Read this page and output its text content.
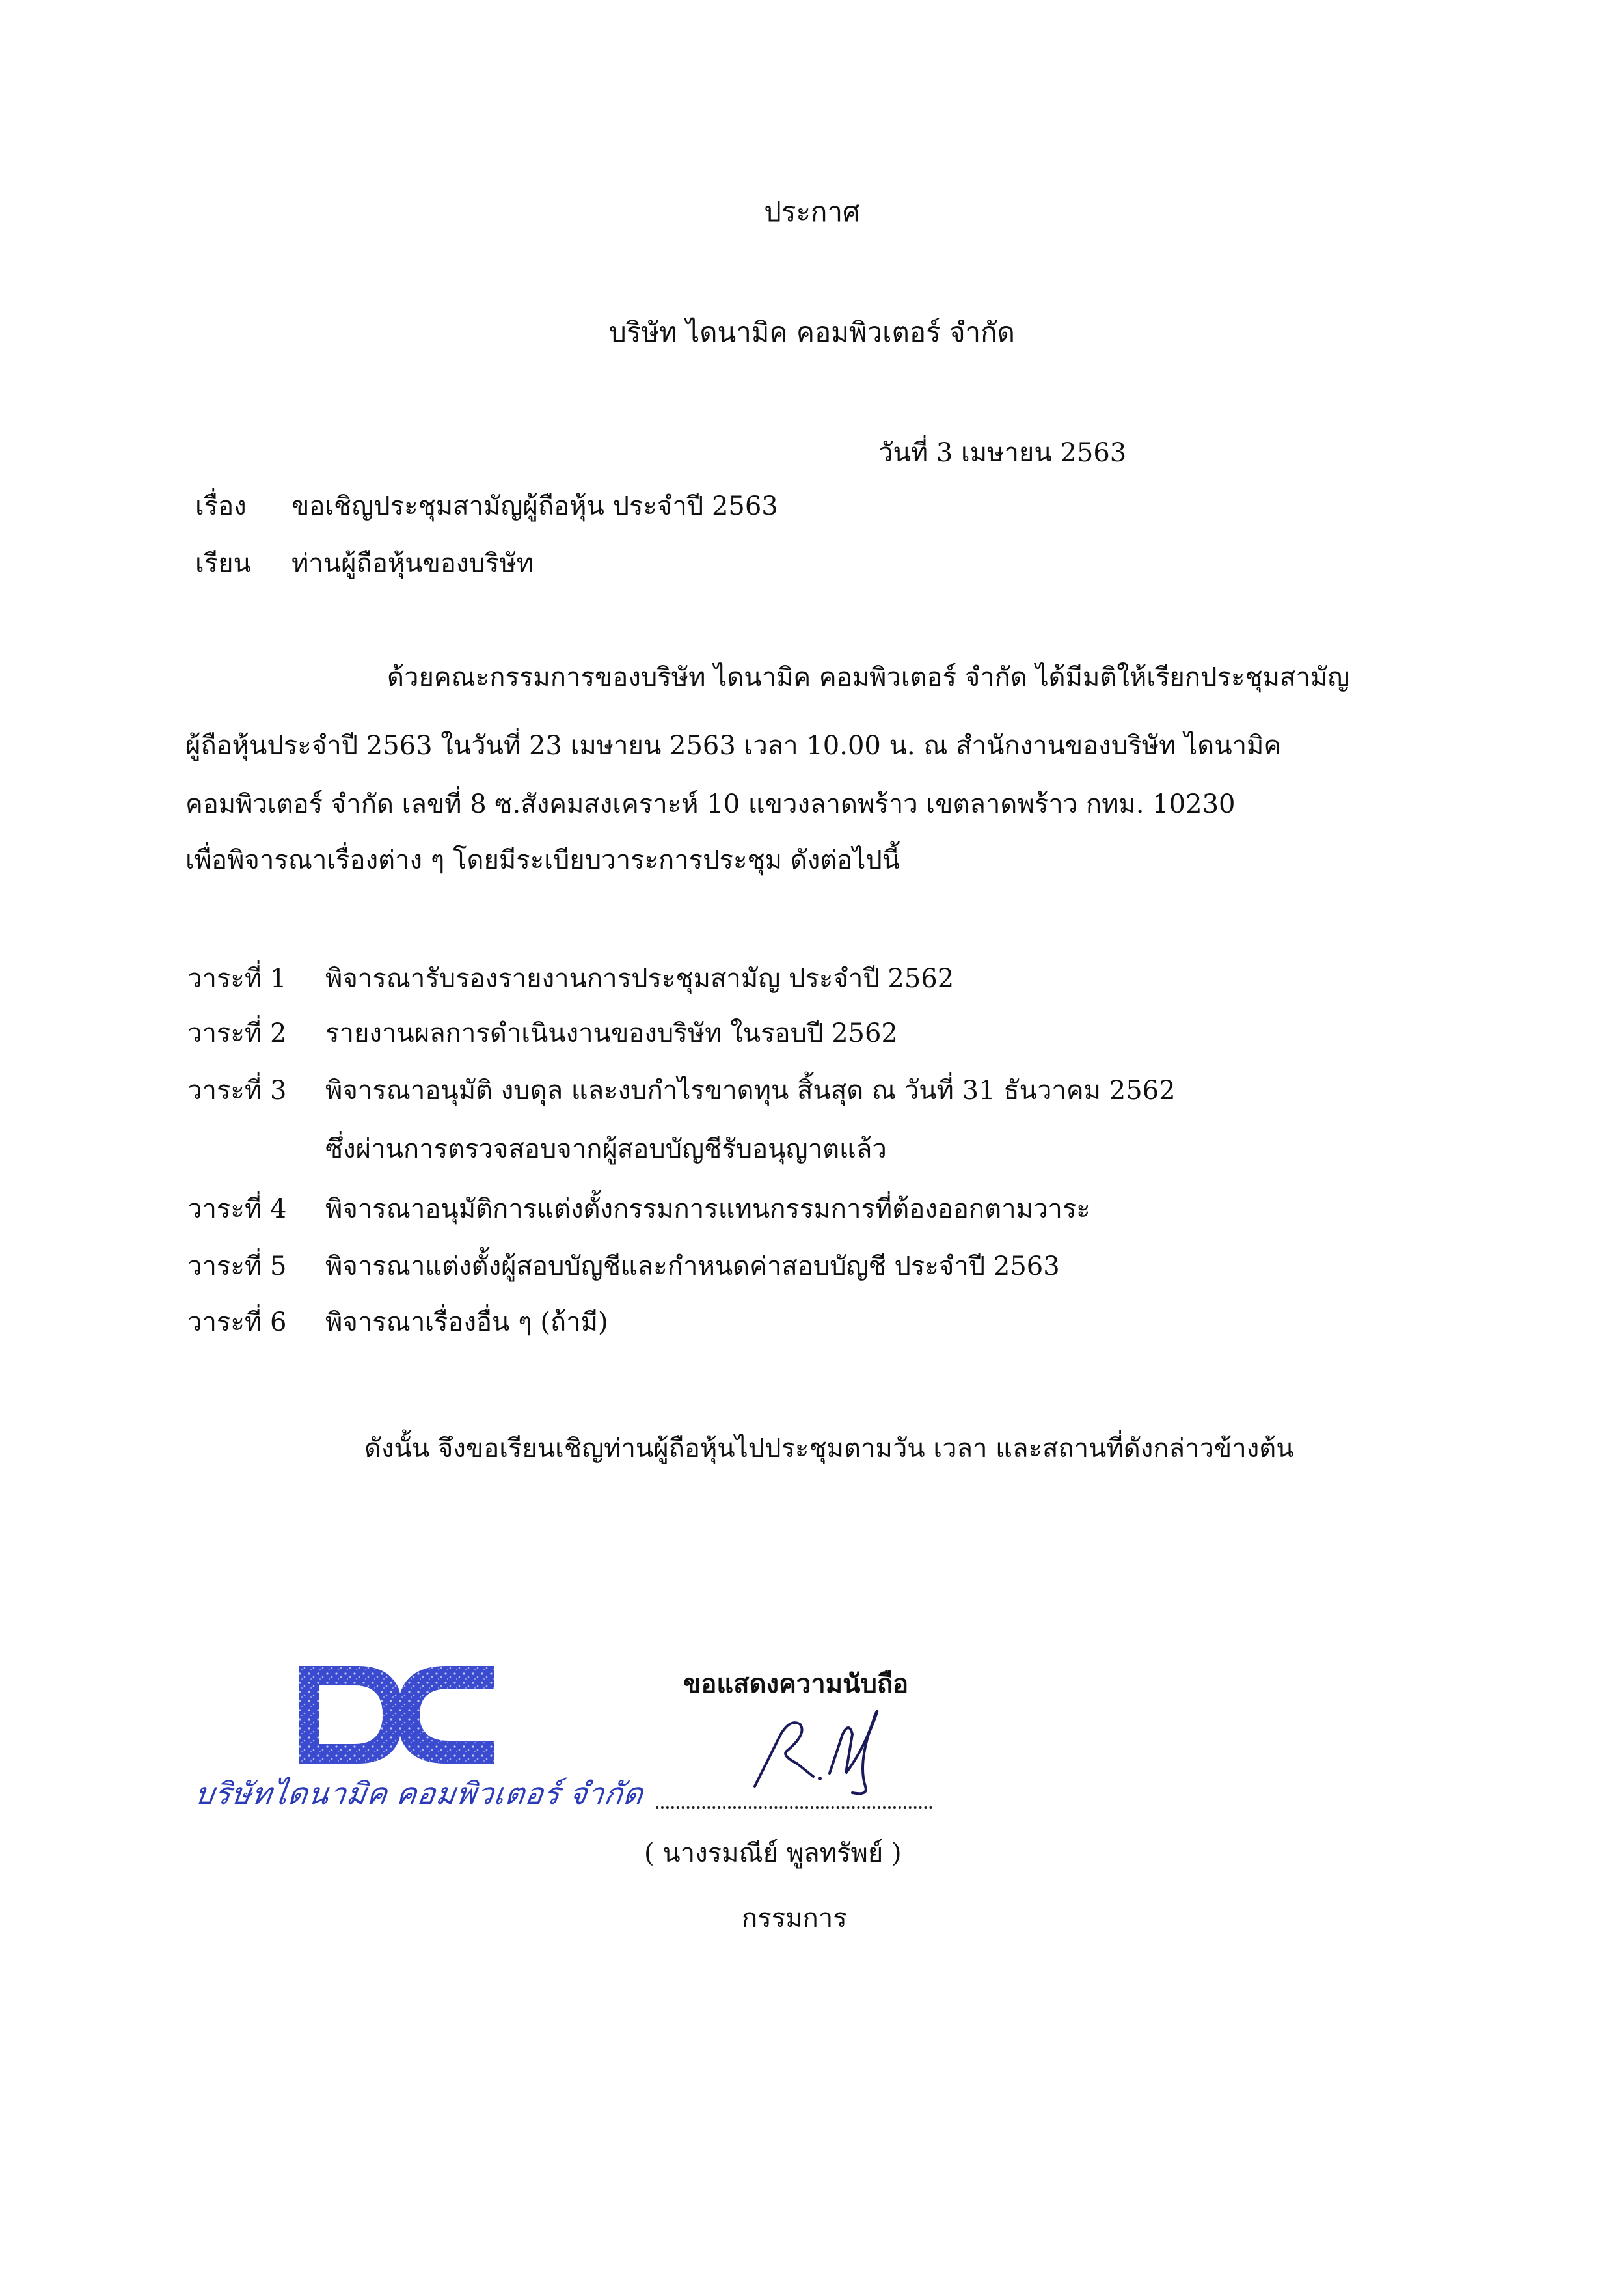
ประกาศ
บริษัท ไดนามิค คอมพิวเตอร์ จำกัด
วันที่ 3 เมษายน 2563
เรื่อง ขอเชิญประชุมสามัญผู้ถือหุ้น ประจำปี 2563
เรียน ท่านผู้ถือหุ้นของบริษัท
ด้วยคณะกรรมการของบริษัท ไดนามิค คอมพิวเตอร์ จำกัด ได้มีมติให้เรียกประชุมสามัญ
ผู้ถือหุ้นประจำปี 2563 ในวันที่ 23 เมษายน 2563 เวลา 10.00 น. ณ สำนักงานของบริษัท ไดนามิค
คอมพิวเตอร์ จำกัด เลขที่ 8 ซ.สังคมสงเคราะห์ 10 แขวงลาดพร้าว เขตลาดพร้าว กทม. 10230
เพื่อพิจารณาเรื่องต่าง ๆ โดยมีระเบียบวาระการประชุม ดังต่อไปนี้
วาระที่ 1 พิจารณารับรองรายงานการประชุมสามัญ ประจำปี 2562
วาระที่ 2 รายงานผลการดำเนินงานของบริษัท ในรอบปี 2562
วาระที่ 3 พิจารณาอนุมัติ งบดุล และงบกำไรขาดทุน สิ้นสุด ณ วันที่ 31 ธันวาคม 2562
ซึ่งผ่านการตรวจสอบจากผู้สอบบัญชีรับอนุญาตแล้ว
วาระที่ 4 พิจารณาอนุมัติการแต่งตั้งกรรมการแทนกรรมการที่ต้องออกตามวาระ
วาระที่ 5 พิจารณาแต่งตั้งผู้สอบบัญชีและกำหนดค่าสอบบัญชี ประจำปี 2563
วาระที่ 6 พิจารณาเรื่องอื่น ๆ (ถ้ามี)
ดังนั้น จึงขอเรียนเชิญท่านผู้ถือหุ้นไปประชุมตามวัน เวลา และสถานที่ดังกล่าวข้างต้น
บริษัทไดนามิค คอมพิวเตอร์ จำกัด
ขอแสดงความนับถือ
( นางรมณีย์ พูลทรัพย์ )
กรรมการ
